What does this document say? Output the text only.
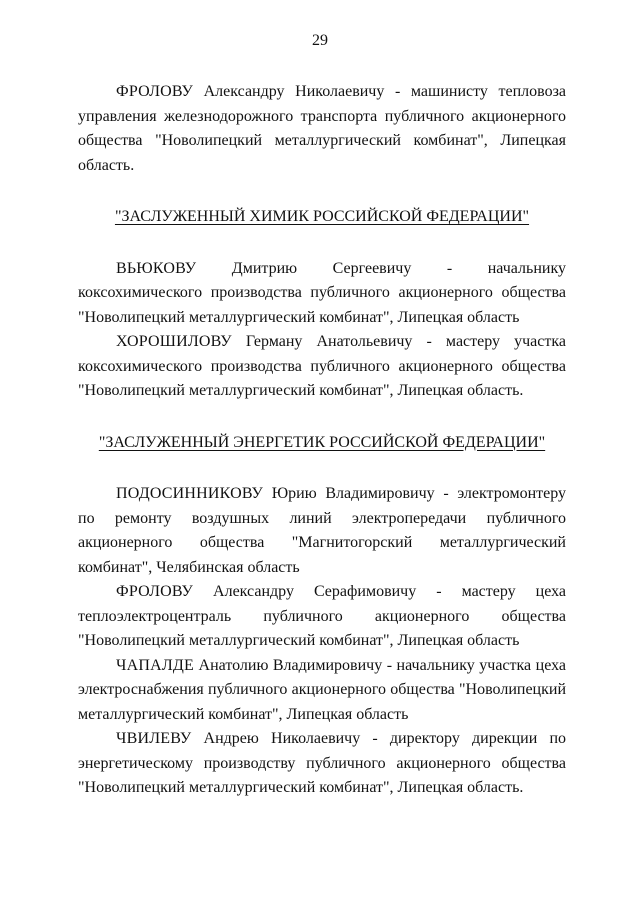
29

ФРОЛОВУ Александру Николаевичу - машинисту тепловоза управления железнодорожного транспорта публичного акционерного общества "Новолипецкий металлургический комбинат", Липецкая область.

"ЗАСЛУЖЕННЫЙ ХИМИК РОССИЙСКОЙ ФЕДЕРАЦИИ"

ВЬЮКОВУ Дмитрию Сергеевичу - начальнику коксохимического производства публичного акционерного общества "Новолипецкий металлургический комбинат", Липецкая область

ХОРОШИЛОВУ Герману Анатольевичу - мастеру участка коксохимического производства публичного акционерного общества "Новолипецкий металлургический комбинат", Липецкая область.

"ЗАСЛУЖЕННЫЙ ЭНЕРГЕТИК РОССИЙСКОЙ ФЕДЕРАЦИИ"

ПОДОСИННИКОВУ Юрию Владимировичу - электромонтеру по ремонту воздушных линий электропередачи публичного акционерного общества "Магнитогорский металлургический комбинат", Челябинская область

ФРОЛОВУ Александру Серафимовичу - мастеру цеха теплоэлектроцентраль публичного акционерного общества "Новолипецкий металлургический комбинат", Липецкая область

ЧАПАЛДЕ Анатолию Владимировичу - начальнику участка цеха электроснабжения публичного акционерного общества "Новолипецкий металлургический комбинат", Липецкая область

ЧВИЛЕВУ Андрею Николаевичу - директору дирекции по энергетическому производству публичного акционерного общества "Новолипецкий металлургический комбинат", Липецкая область.
